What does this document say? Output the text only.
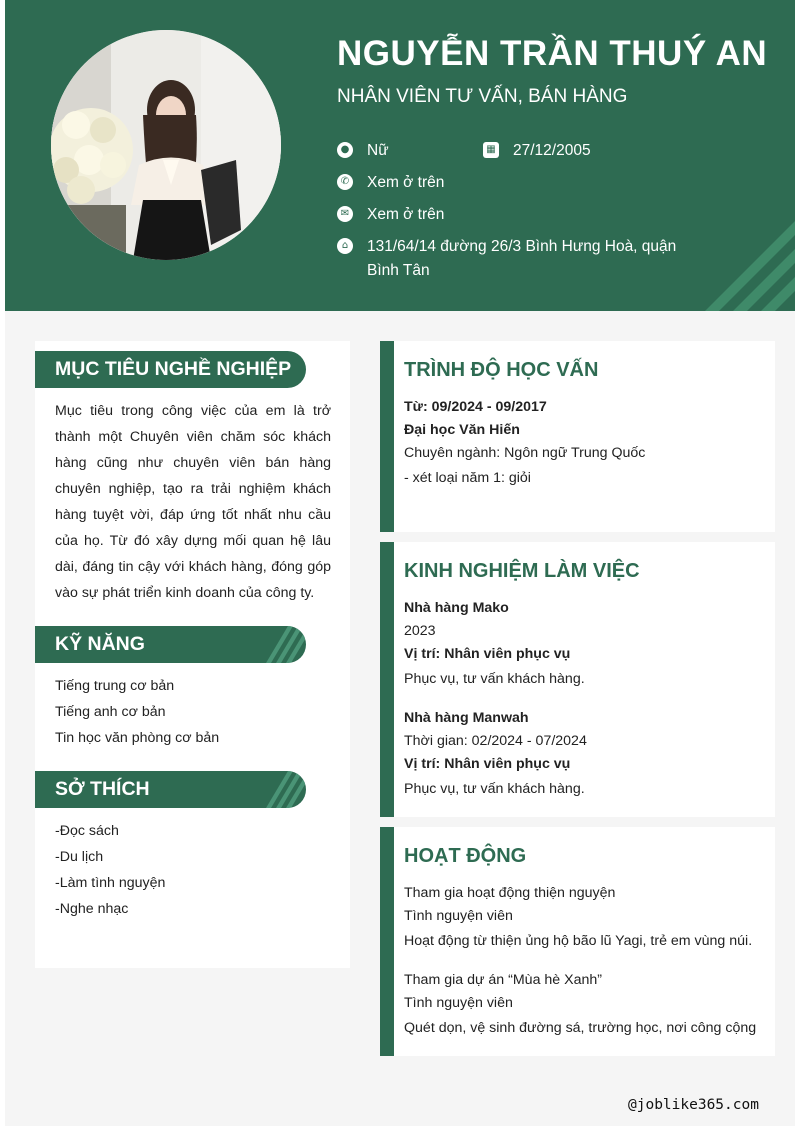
NGUYỄN TRẦN THUÝ AN
NHÂN VIÊN TƯ VẤN, BÁN HÀNG
● Nữ	▦ 27/12/2005
✆ Xem ở trên
✉ Xem ở trên
⌂	131/64/14 đường 26/3 Bình Hưng Hoà, quận
Bình Tân
MỤC TIÊU NGHỀ NGHIỆP
Mục tiêu trong công việc của em là trở thành một Chuyên viên chăm sóc khách hàng cũng như chuyên viên bán hàng chuyên nghiệp, tạo ra trải nghiệm khách hàng tuyệt vời, đáp ứng tốt nhất nhu cầu của họ. Từ đó xây dựng mối quan hệ lâu dài, đáng tin cậy với khách hàng, đóng góp vào sự phát triển kinh doanh của công ty.
KỸ NĂNG
Tiếng trung cơ bản
Tiếng anh cơ bản
Tin học văn phòng cơ bản
SỞ THÍCH
-Đọc sách
-Du lịch
-Làm tình nguyện
-Nghe nhạc
TRÌNH ĐỘ HỌC VẤN
Từ: 09/2024 - 09/2017
Đại học Văn Hiến
Chuyên ngành: Ngôn ngữ Trung Quốc
- xét loại năm 1: giỏi
KINH NGHIỆM LÀM VIỆC
Nhà hàng Mako
2023
Vị trí: Nhân viên phục vụ
Phục vụ, tư vấn khách hàng.
Nhà hàng Manwah
Thời gian: 02/2024 - 07/2024
Vị trí: Nhân viên phục vụ
Phục vụ, tư vấn khách hàng.
HOẠT ĐỘNG
Tham gia hoạt động thiện nguyện
Tình nguyện viên
Hoạt động từ thiện ủng hộ bão lũ Yagi, trẻ em vùng núi.
Tham gia dự án “Mùa hè Xanh”
Tình nguyện viên
Quét dọn, vệ sinh đường sá, trường học, nơi công cộng
@joblike365.com
